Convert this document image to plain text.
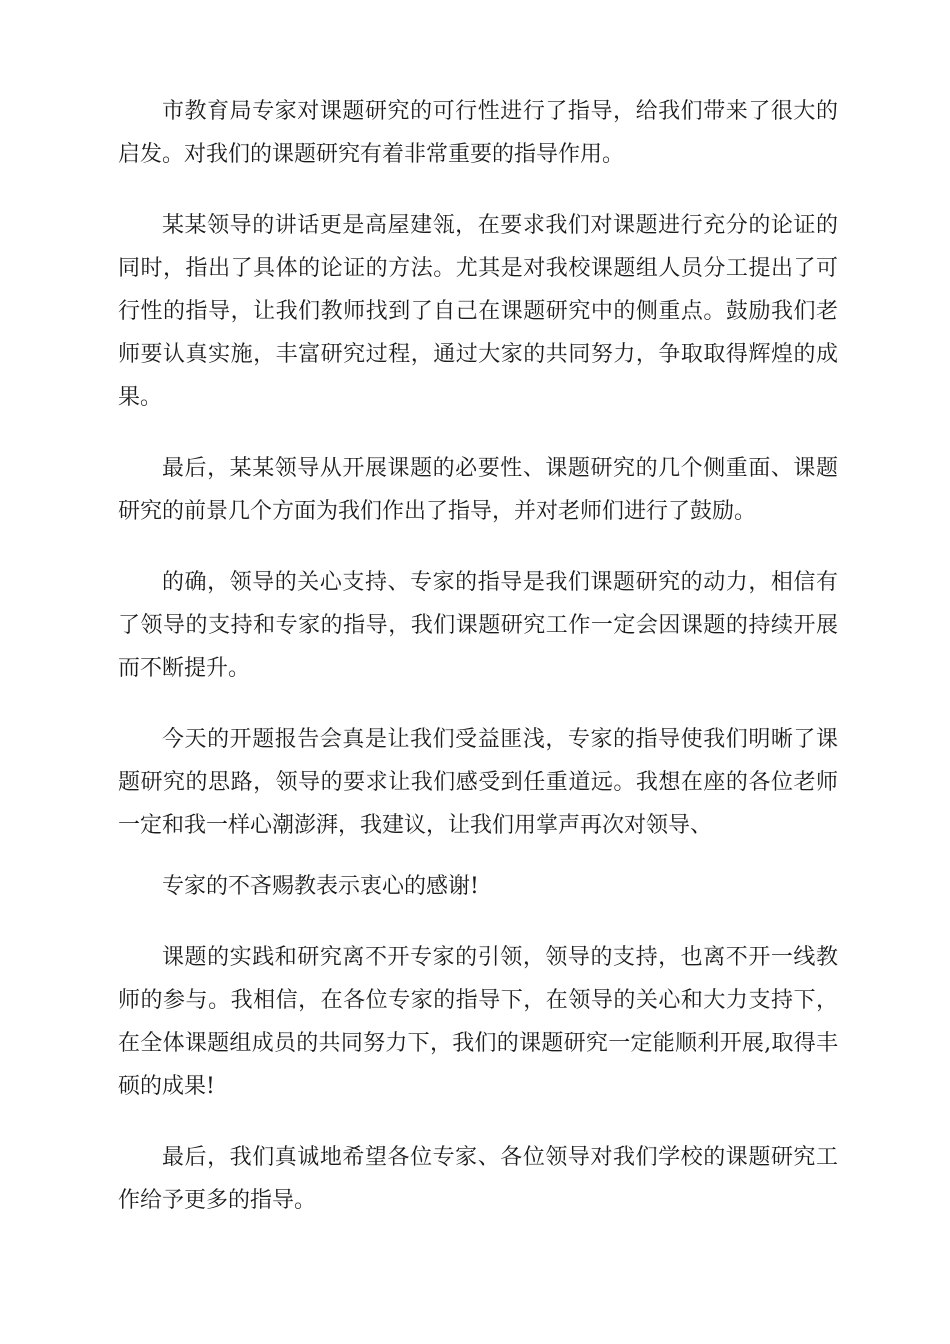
市教育局专家对课题研究的可行性进行了指导，给我们带来了很大的启发。对我们的课题研究有着非常重要的指导作用。

某某领导的讲话更是高屋建瓴，在要求我们对课题进行充分的论证的同时，指出了具体的论证的方法。尤其是对我校课题组人员分工提出了可行性的指导，让我们教师找到了自己在课题研究中的侧重点。鼓励我们老师要认真实施，丰富研究过程，通过大家的共同努力，争取取得辉煌的成果。

最后，某某领导从开展课题的必要性、课题研究的几个侧重面、课题研究的前景几个方面为我们作出了指导，并对老师们进行了鼓励。

的确，领导的关心支持、专家的指导是我们课题研究的动力，相信有了领导的支持和专家的指导，我们课题研究工作一定会因课题的持续开展而不断提升。

今天的开题报告会真是让我们受益匪浅，专家的指导使我们明晰了课题研究的思路，领导的要求让我们感受到任重道远。我想在座的各位老师一定和我一样心潮澎湃，我建议，让我们用掌声再次对领导、

专家的不吝赐教表示衷心的感谢!

课题的实践和研究离不开专家的引领，领导的支持，也离不开一线教师的参与。我相信，在各位专家的指导下，在领导的关心和大力支持下，在全体课题组成员的共同努力下，我们的课题研究一定能顺利开展,取得丰硕的成果!

最后，我们真诚地希望各位专家、各位领导对我们学校的课题研究工作给予更多的指导。
